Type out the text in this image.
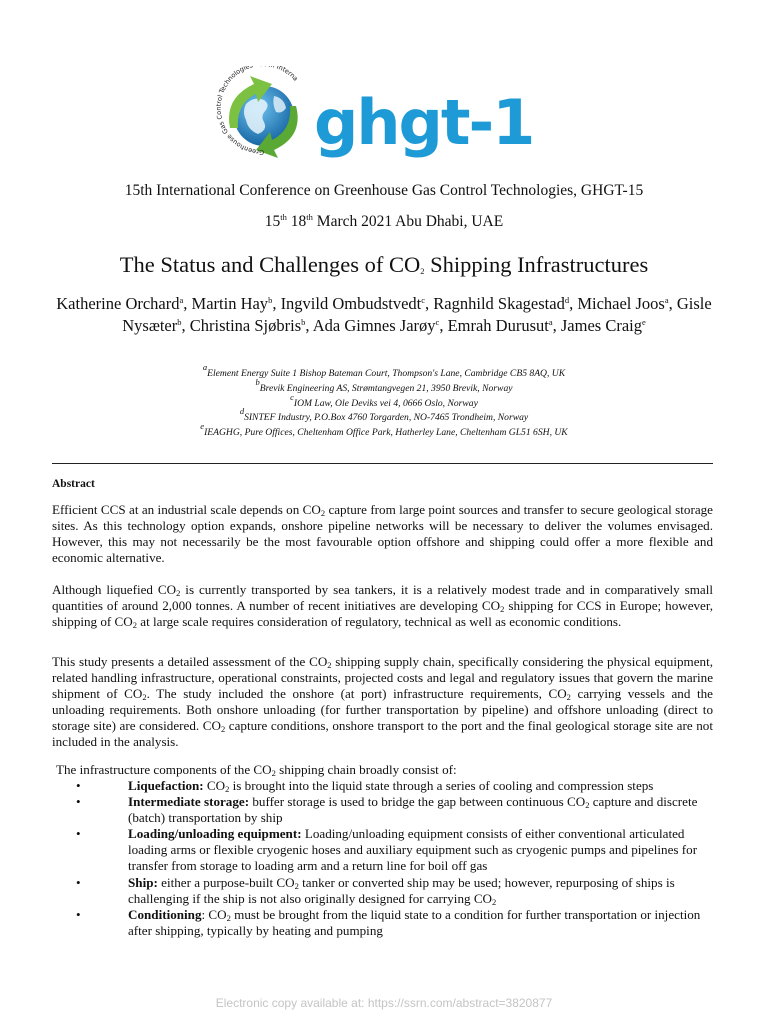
Greenhouse Gas C ol Technologie Interna
ghgt-1
15th International Conference on Greenhouse Gas Control Technologies, GHGT-15
15th 18th March 2021 Abu Dhabi, UAE
The Status and Challenges of $CO_2$ Shipping Infrastructures
Katherine Orchard$^a$, Martin Hay$^b$, Ingvild Ombudstvedt$^c$, Ragnhild Skagestad$^d$, Michael Joos$^a$, Gisle Nysæter$^b$, Christina Sjøbris$^b$, Ada Gimnes Jarøy$^c$, Emrah Durusut$^a$, James Craig$^e$
$^a$Element Energy Suite 1 Bishop Bateman Court, Thompson's Lane, Cambridge CB5 8AQ, UK
$^b$Brevik Engineering AS, Strømtangvegen 21, 3950 Brevik, Norway
$^c$IOM Law, Ole Deviks vei 4, 0666 Oslo, Norway
$^d$SINTEF Industry, P.O.Box 4760 Torgarden, NO-7465 Trondheim, Norway
$^e$IEAGHG, Pure Offices, Cheltenham Office Park, Hatherley Lane, Cheltenham GL51 6SH, UK
Abstract
Efficient CCS at an industrial scale depends on $CO_2$ capture from large point sources and transfer to secure geological storage sites. As this technology option expands, onshore pipeline networks will be necessary to deliver the volumes envisaged. However, this may not necessarily be the most favourable option offshore and shipping could offer a more flexible and economic alternative.
Although liquefied $CO_2$ is currently transported by sea tankers, it is a relatively modest trade and in comparatively small quantities of around 2,000 tonnes. A number of recent initiatives are developing $CO_2$ shipping for CCS in Europe; however, shipping of $CO_2$ at large scale requires consideration of regulatory, technical as well as economic conditions.
This study presents a detailed assessment of the $CO_2$ shipping supply chain, specifically considering the physical equipment, related handling infrastructure, operational constraints, projected costs and legal and regulatory issues that govern the marine shipment of $CO_2$. The study included the onshore (at port) infrastructure requirements, $CO_2$ carrying vessels and the unloading requirements. Both onshore unloading (for further transportation by pipeline) and offshore unloading (direct to storage site) are considered. $CO_2$ capture conditions, onshore transport to the port and the final geological storage site are not included in the analysis.
The infrastructure components of the $CO_2$ shipping chain broadly consist of:
•	Liquefaction: $CO_2$ is brought into the liquid state through a series of cooling and compression steps
•	Intermediate storage: buffer storage is used to bridge the gap between continuous $CO_2$ capture and discrete (batch) transportation by ship
•	Loading/unloading equipment: Loading/unloading equipment consists of either conventional articulated loading arms or flexible cryogenic hoses and auxiliary equipment such as cryogenic pumps and pipelines for transfer from storage to loading arm and a return line for boil off gas
•	Ship: either a purpose-built $CO_2$ tanker or converted ship may be used; however, repurposing of ships is challenging if the ship is not also originally designed for carrying $CO_2$
•	Conditioning: $CO_2$ must be brought from the liquid state to a condition for further transportation or injection after shipping, typically by heating and pumping
Electronic copy available at: https://ssrn.com/abstract=3820877
